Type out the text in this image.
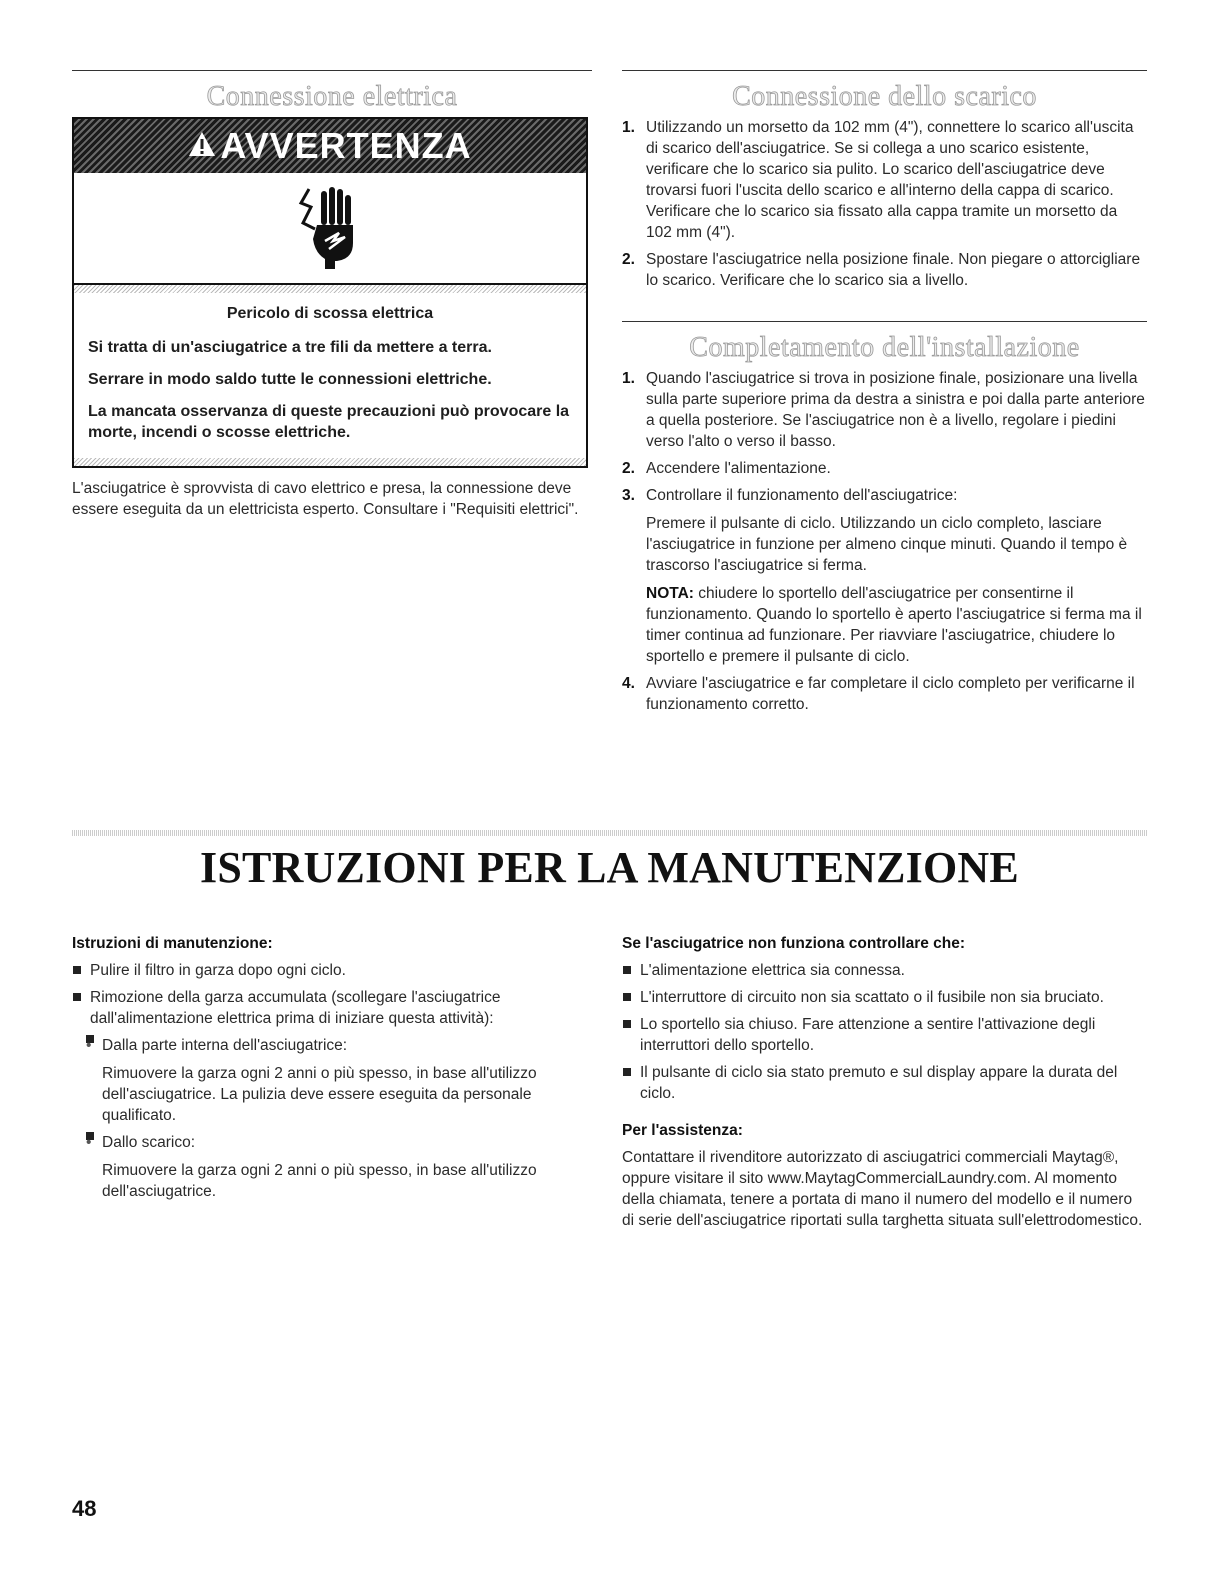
Connessione elettrica
AVVERTENZA
Pericolo di scossa elettrica
Si tratta di un'asciugatrice a tre fili da mettere a terra.
Serrare in modo saldo tutte le connessioni elettriche.
La mancata osservanza di queste precauzioni può provocare la morte, incendi o scosse elettriche.

L'asciugatrice è sprovvista di cavo elettrico e presa, la connessione deve essere eseguita da un elettricista esperto. Consultare i "Requisiti elettrici".

Connessione dello scarico
1. Utilizzando un morsetto da 102 mm (4"), connettere lo scarico all'uscita di scarico dell'asciugatrice. Se si collega a uno scarico esistente, verificare che lo scarico sia pulito. Lo scarico dell'asciugatrice deve trovarsi fuori l'uscita dello scarico e all'interno della cappa di scarico. Verificare che lo scarico sia fissato alla cappa tramite un morsetto da 102 mm (4").
2. Spostare l'asciugatrice nella posizione finale. Non piegare o attorcigliare lo scarico. Verificare che lo scarico sia a livello.
Completamento dell'installazione
1. Quando l'asciugatrice si trova in posizione finale, posizionare una livella sulla parte superiore prima da destra a sinistra e poi dalla parte anteriore a quella posteriore. Se l'asciugatrice non è a livello, regolare i piedini verso l'alto o verso il basso.
2. Accendere l'alimentazione.
3. Controllare il funzionamento dell'asciugatrice:

Premere il pulsante di ciclo. Utilizzando un ciclo completo, lasciare l'asciugatrice in funzione per almeno cinque minuti. Quando il tempo è trascorso l'asciugatrice si ferma.

NOTA: chiudere lo sportello dell'asciugatrice per consentirne il funzionamento. Quando lo sportello è aperto l'asciugatrice si ferma ma il timer continua ad funzionare. Per riavviare l'asciugatrice, chiudere lo sportello e premere il pulsante di ciclo.

4. Avviare l'asciugatrice e far completare il ciclo completo per verificarne il funzionamento corretto.
ISTRUZIONI PER LA MANUTENZIONE
Istruzioni di manutenzione:
Pulire il filtro in garza dopo ogni ciclo.
Rimozione della garza accumulata (scollegare l'asciugatrice dall'alimentazione elettrica prima di iniziare questa attività):
• Dalla parte interna dell'asciugatrice:

Rimuovere la garza ogni 2 anni o più spesso, in base all'utilizzo dell'asciugatrice. La pulizia deve essere eseguita da personale qualificato.

• Dallo scarico:

Rimuovere la garza ogni 2 anni o più spesso, in base all'utilizzo dell'asciugatrice.

Se l'asciugatrice non funziona controllare che:
L'alimentazione elettrica sia connessa.
L'interruttore di circuito non sia scattato o il fusibile non sia bruciato.
Lo sportello sia chiuso. Fare attenzione a sentire l'attivazione degli interruttori dello sportello.
Il pulsante di ciclo sia stato premuto e sul display appare la durata del ciclo.
Per l'assistenza:

Contattare il rivenditore autorizzato di asciugatrici commerciali Maytag®, oppure visitare il sito www.MaytagCommercialLaundry.com. Al momento della chiamata, tenere a portata di mano il numero del modello e il numero di serie dell'asciugatrice riportati sulla targhetta situata sull'elettrodomestico.

48
